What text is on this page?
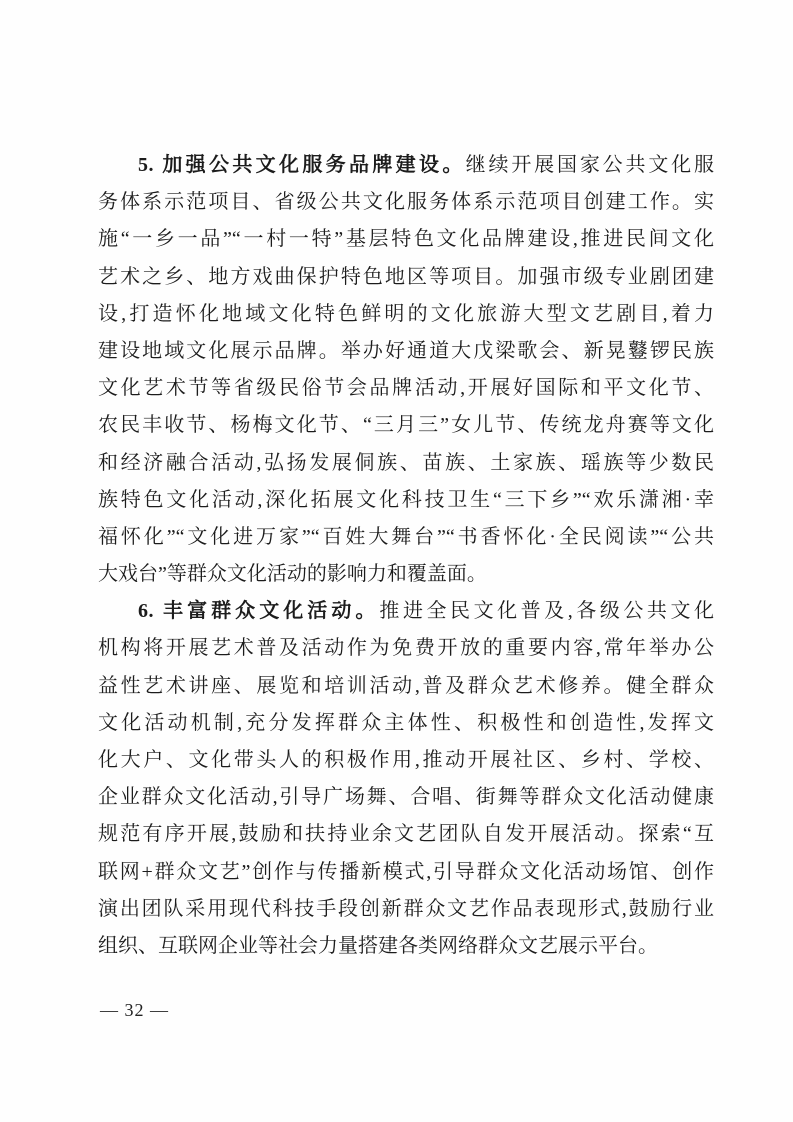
5. 加强公共文化服务品牌建设。继续开展国家公共文化服
务体系示范项目、省级公共文化服务体系示范项目创建工作。实
施“一乡一品”“一村一特”基层特色文化品牌建设,推进民间文化
艺术之乡、地方戏曲保护特色地区等项目。加强市级专业剧团建
设,打造怀化地域文化特色鲜明的文化旅游大型文艺剧目,着力
建设地域文化展示品牌。举办好通道大戊梁歌会、新晃鼟锣民族
文化艺术节等省级民俗节会品牌活动,开展好国际和平文化节、
农民丰收节、杨梅文化节、“三月三”女儿节、传统龙舟赛等文化
和经济融合活动,弘扬发展侗族、苗族、土家族、瑶族等少数民
族特色文化活动,深化拓展文化科技卫生“三下乡”“欢乐潇湘·幸
福怀化”“文化进万家”“百姓大舞台”“书香怀化·全民阅读”“公共
大戏台”等群众文化活动的影响力和覆盖面。
6. 丰富群众文化活动。推进全民文化普及,各级公共文化
机构将开展艺术普及活动作为免费开放的重要内容,常年举办公
益性艺术讲座、展览和培训活动,普及群众艺术修养。健全群众
文化活动机制,充分发挥群众主体性、积极性和创造性,发挥文
化大户、文化带头人的积极作用,推动开展社区、乡村、学校、
企业群众文化活动,引导广场舞、合唱、街舞等群众文化活动健康
规范有序开展,鼓励和扶持业余文艺团队自发开展活动。探索“互
联网+群众文艺”创作与传播新模式,引导群众文化活动场馆、创作
演出团队采用现代科技手段创新群众文艺作品表现形式,鼓励行业
组织、互联网企业等社会力量搭建各类网络群众文艺展示平台。
— 32 —
